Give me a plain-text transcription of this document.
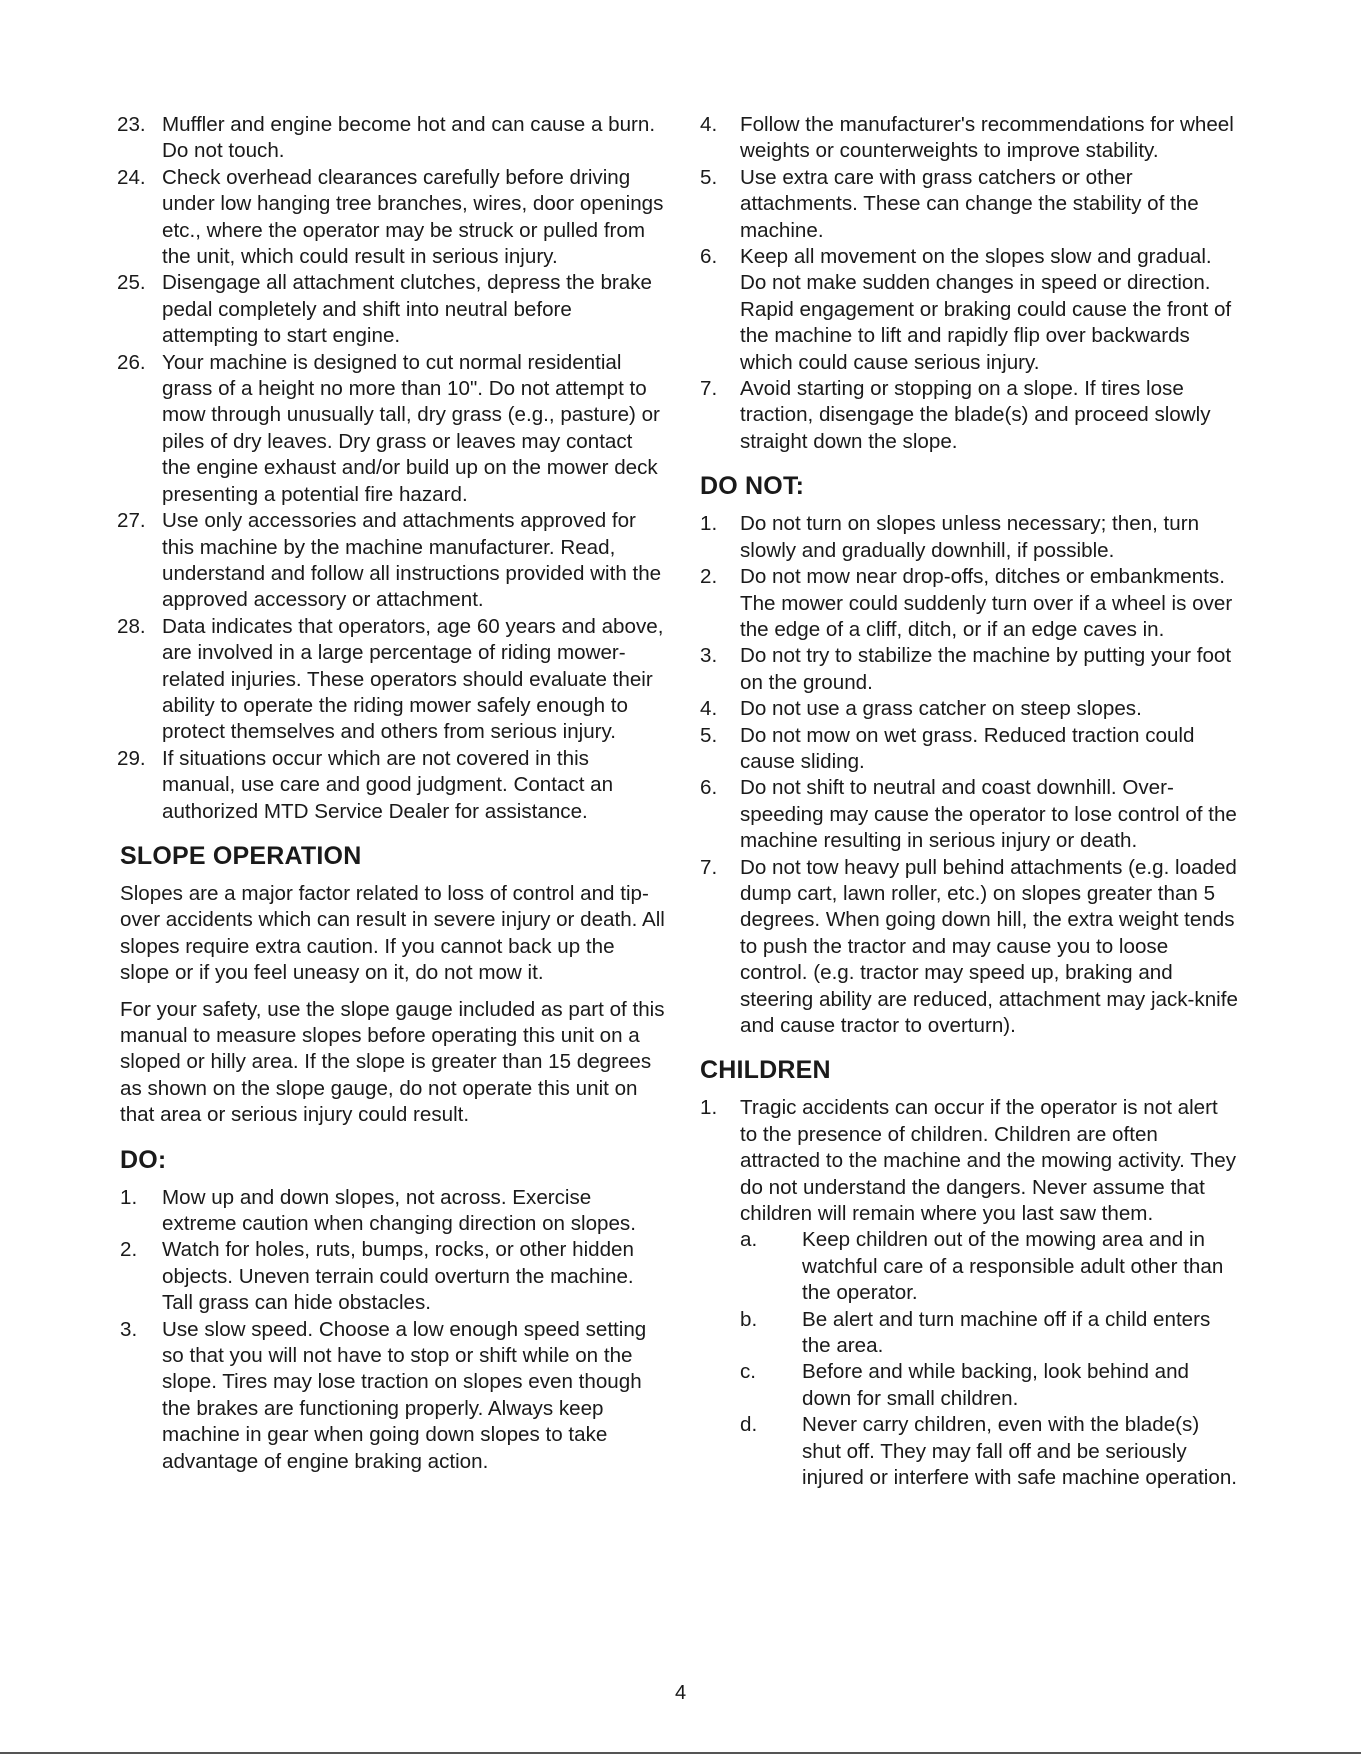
23. Muffler and engine become hot and can cause a burn. Do not touch.
24. Check overhead clearances carefully before driving under low hanging tree branches, wires, door openings etc., where the operator may be struck or pulled from the unit, which could result in serious injury.
25. Disengage all attachment clutches, depress the brake pedal completely and shift into neutral before attempting to start engine.
26. Your machine is designed to cut normal residential grass of a height no more than 10". Do not attempt to mow through unusually tall, dry grass (e.g., pasture) or piles of dry leaves. Dry grass or leaves may contact the engine exhaust and/or build up on the mower deck presenting a potential fire hazard.
27. Use only accessories and attachments approved for this machine by the machine manufacturer. Read, understand and follow all instructions provided with the approved accessory or attachment.
28. Data indicates that operators, age 60 years and above, are involved in a large percentage of riding mower-related injuries. These operators should evaluate their ability to operate the riding mower safely enough to protect themselves and others from serious injury.
29. If situations occur which are not covered in this manual, use care and good judgment. Contact an authorized MTD Service Dealer for assistance.
SLOPE OPERATION

Slopes are a major factor related to loss of control and tip-over accidents which can result in severe injury or death. All slopes require extra caution. If you cannot back up the slope or if you feel uneasy on it, do not mow it.

For your safety, use the slope gauge included as part of this manual to measure slopes before operating this unit on a sloped or hilly area. If the slope is greater than 15 degrees as shown on the slope gauge, do not operate this unit on that area or serious injury could result.

DO:
1.	Mow up and down slopes, not across. Exercise extreme caution when changing direction on slopes.
2.	Watch for holes, ruts, bumps, rocks, or other hidden objects. Uneven terrain could overturn the machine. Tall grass can hide obstacles.
3.	Use slow speed. Choose a low enough speed setting so that you will not have to stop or shift while on the slope. Tires may lose traction on slopes even though the brakes are functioning properly. Always keep machine in gear when going down slopes to take advantage of engine braking action.
4.	Follow the manufacturer's recommendations for wheel weights or counterweights to improve stability.
5.	Use extra care with grass catchers or other attachments. These can change the stability of the machine.
6.	Keep all movement on the slopes slow and gradual. Do not make sudden changes in speed or direction. Rapid engagement or braking could cause the front of the machine to lift and rapidly flip over backwards which could cause serious injury.
7.	Avoid starting or stopping on a slope. If tires lose traction, disengage the blade(s) and proceed slowly straight down the slope.
DO NOT:
1.	Do not turn on slopes unless necessary; then, turn slowly and gradually downhill, if possible.
2.	Do not mow near drop-offs, ditches or embankments. The mower could suddenly turn over if a wheel is over the edge of a cliff, ditch, or if an edge caves in.
3.	Do not try to stabilize the machine by putting your foot on the ground.
4.	Do not use a grass catcher on steep slopes.
5.	Do not mow on wet grass. Reduced traction could cause sliding.
6.	Do not shift to neutral and coast downhill. Over-speeding may cause the operator to lose control of the machine resulting in serious injury or death.
7.	Do not tow heavy pull behind attachments (e.g. loaded dump cart, lawn roller, etc.) on slopes greater than 5 degrees. When going down hill, the extra weight tends to push the tractor and may cause you to loose control. (e.g. tractor may speed up, braking and steering ability are reduced, attachment may jack-knife and cause tractor to overturn).
CHILDREN
1.	Tragic accidents can occur if the operator is not alert to the presence of children. Children are often attracted to the machine and the mowing activity. They do not understand the dangers. Never assume that children will remain where you last saw them.
a.	Keep children out of the mowing area and in watchful care of a responsible adult other than the operator.
b.	Be alert and turn machine off if a child enters the area.
c.	Before and while backing, look behind and down for small children.
d.	Never carry children, even with the blade(s) shut off. They may fall off and be seriously injured or interfere with safe machine operation.
4
